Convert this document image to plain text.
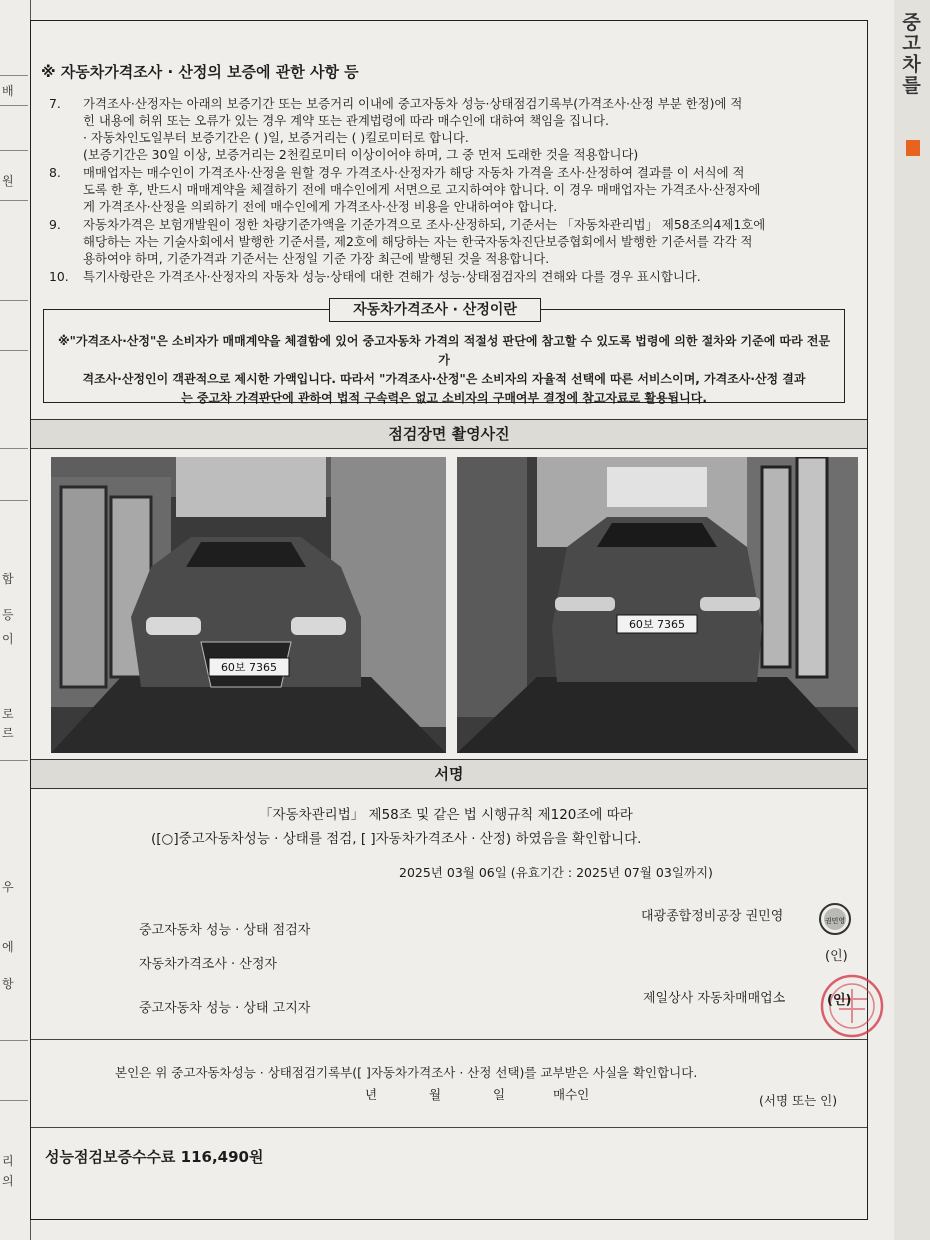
배
원
함
등
이
로
르
우
에
항
리
의
※ 자동차가격조사 · 산정의 보증에 관한 사항 등
7. 가격조사·산정자는 아래의 보증기간 또는 보증거리 이내에 중고자동차 성능·상태점검기록부(가격조사·산정 부분 한정)에 적
힌 내용에 허위 또는 오류가 있는 경우 계약 또는 관계법령에 따라 매수인에 대하여 책임을 집니다.
· 자동차인도일부터 보증기간은 ( )일, 보증거리는 ( )킬로미터로 합니다.
(보증기간은 30일 이상, 보증거리는 2천킬로미터 이상이어야 하며, 그 중 먼저 도래한 것을 적용합니다)
8. 매매업자는 매수인이 가격조사·산정을 원할 경우 가격조사·산정자가 해당 자동차 가격을 조사·산정하여 결과를 이 서식에 적
도록 한 후, 반드시 매매계약을 체결하기 전에 매수인에게 서면으로 고지하여야 합니다. 이 경우 매매업자는 가격조사·산정자에
게 가격조사·산정을 의뢰하기 전에 매수인에게 가격조사·산정 비용을 안내하여야 합니다.
9. 자동차가격은 보험개발원이 정한 차량기준가액을 기준가격으로 조사·산정하되, 기준서는 「자동차관리법」 제58조의4제1호에
해당하는 자는 기술사회에서 발행한 기준서를, 제2호에 해당하는 자는 한국자동차진단보증협회에서 발행한 기준서를 각각 적
용하여야 하며, 기준가격과 기준서는 산정일 기준 가장 최근에 발행된 것을 적용합니다.
10. 특기사항란은 가격조사·산정자의 자동차 성능·상태에 대한 견해가 성능·상태점검자의 견해와 다를 경우 표시합니다.
자동차가격조사 · 산정이란
※"가격조사·산정"은 소비자가 매매계약을 체결함에 있어 중고자동차 가격의 적절성 판단에 참고할 수 있도록 법령에 의한 절차와 기준에 따라 전문가
격조사·산정인이 객관적으로 제시한 가액입니다. 따라서 "가격조사·산정"은 소비자의 자율적 선택에 따른 서비스이며, 가격조사·산정 결과
는 중고차 가격판단에 관하여 법적 구속력은 없고 소비자의 구매여부 결정에 참고자료로 활용됩니다.
점검장면 촬영사진
60보 7365
60보 7365
서명
「자동차관리법」 제58조 및 같은 법 시행규칙 제120조에 따라
([○]중고자동차성능 · 상태를 점검, [ ]자동차가격조사 · 산정) 하였음을 확인합니다.
2025년 03월 06일 (유효기간 : 2025년 07월 03일까지)
중고자동차 성능 · 상태 점검자
자동차가격조사 · 산정자
중고자동차 성능 · 상태 고지자
대광종합정비공장 권민영
제일상사 자동차매매업소
권민영
(인)
(인)
본인은 위 중고자동차성능 · 상태점검기록부([ ]자동차가격조사 · 산정 선택)를 교부받은 사실을 확인합니다.
년	월	일	매수인	(서명 또는 인)
성능점검보증수수료 116,490원
중고차를
